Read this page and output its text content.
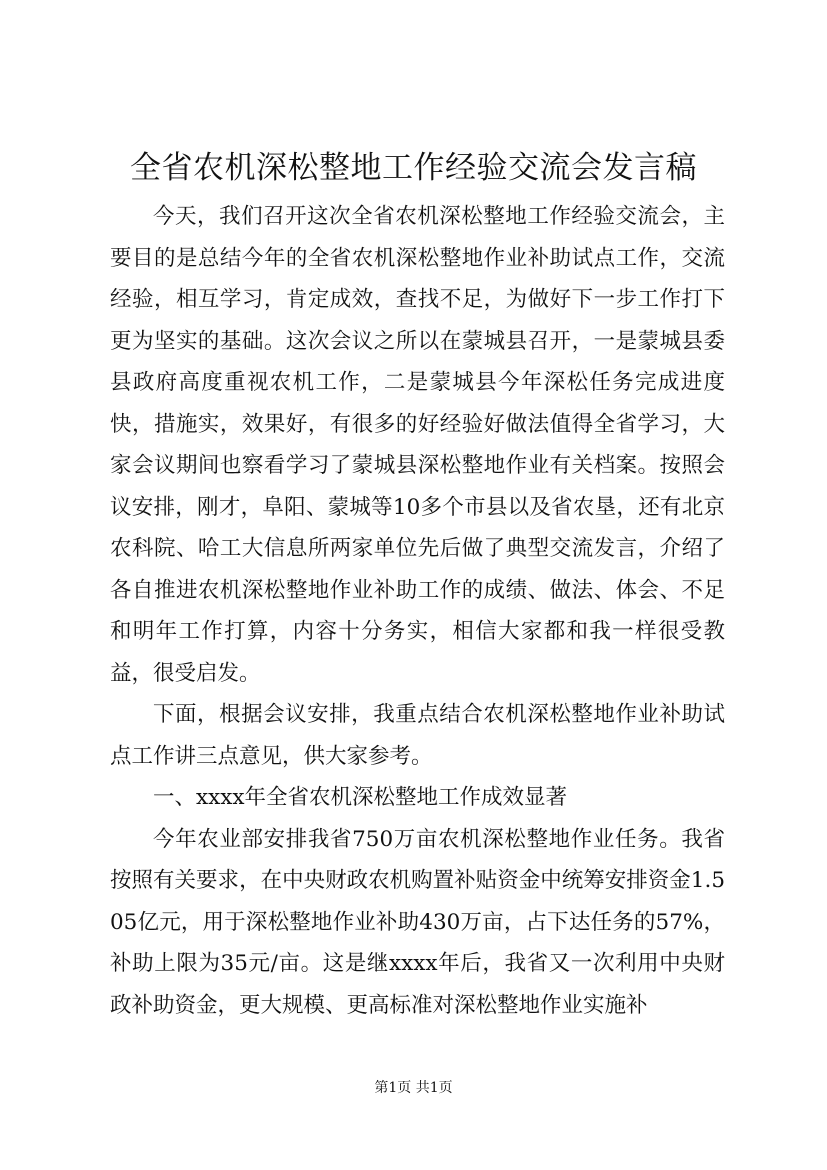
全省农机深松整地工作经验交流会发言稿

今天，我们召开这次全省农机深松整地工作经验交流会，主要目的是总结今年的全省农机深松整地作业补助试点工作，交流经验，相互学习，肯定成效，查找不足，为做好下一步工作打下更为坚实的基础。这次会议之所以在蒙城县召开，一是蒙城县委县政府高度重视农机工作，二是蒙城县今年深松任务完成进度快，措施实，效果好，有很多的好经验好做法值得全省学习，大家会议期间也察看学习了蒙城县深松整地作业有关档案。按照会议安排，刚才，阜阳、蒙城等10多个市县以及省农垦，还有北京农科院、哈工大信息所两家单位先后做了典型交流发言，介绍了各自推进农机深松整地作业补助工作的成绩、做法、体会、不足和明年工作打算，内容十分务实，相信大家都和我一样很受教益，很受启发。

下面，根据会议安排，我重点结合农机深松整地作业补助试点工作讲三点意见，供大家参考。

一、xxxx年全省农机深松整地工作成效显著

今年农业部安排我省750万亩农机深松整地作业任务。我省按照有关要求，在中央财政农机购置补贴资金中统筹安排资金1.505亿元，用于深松整地作业补助430万亩，占下达任务的57%，补助上限为35元/亩。这是继xxxx年后，我省又一次利用中央财政补助资金，更大规模、更高标准对深松整地作业实施补

第1页 共1页
